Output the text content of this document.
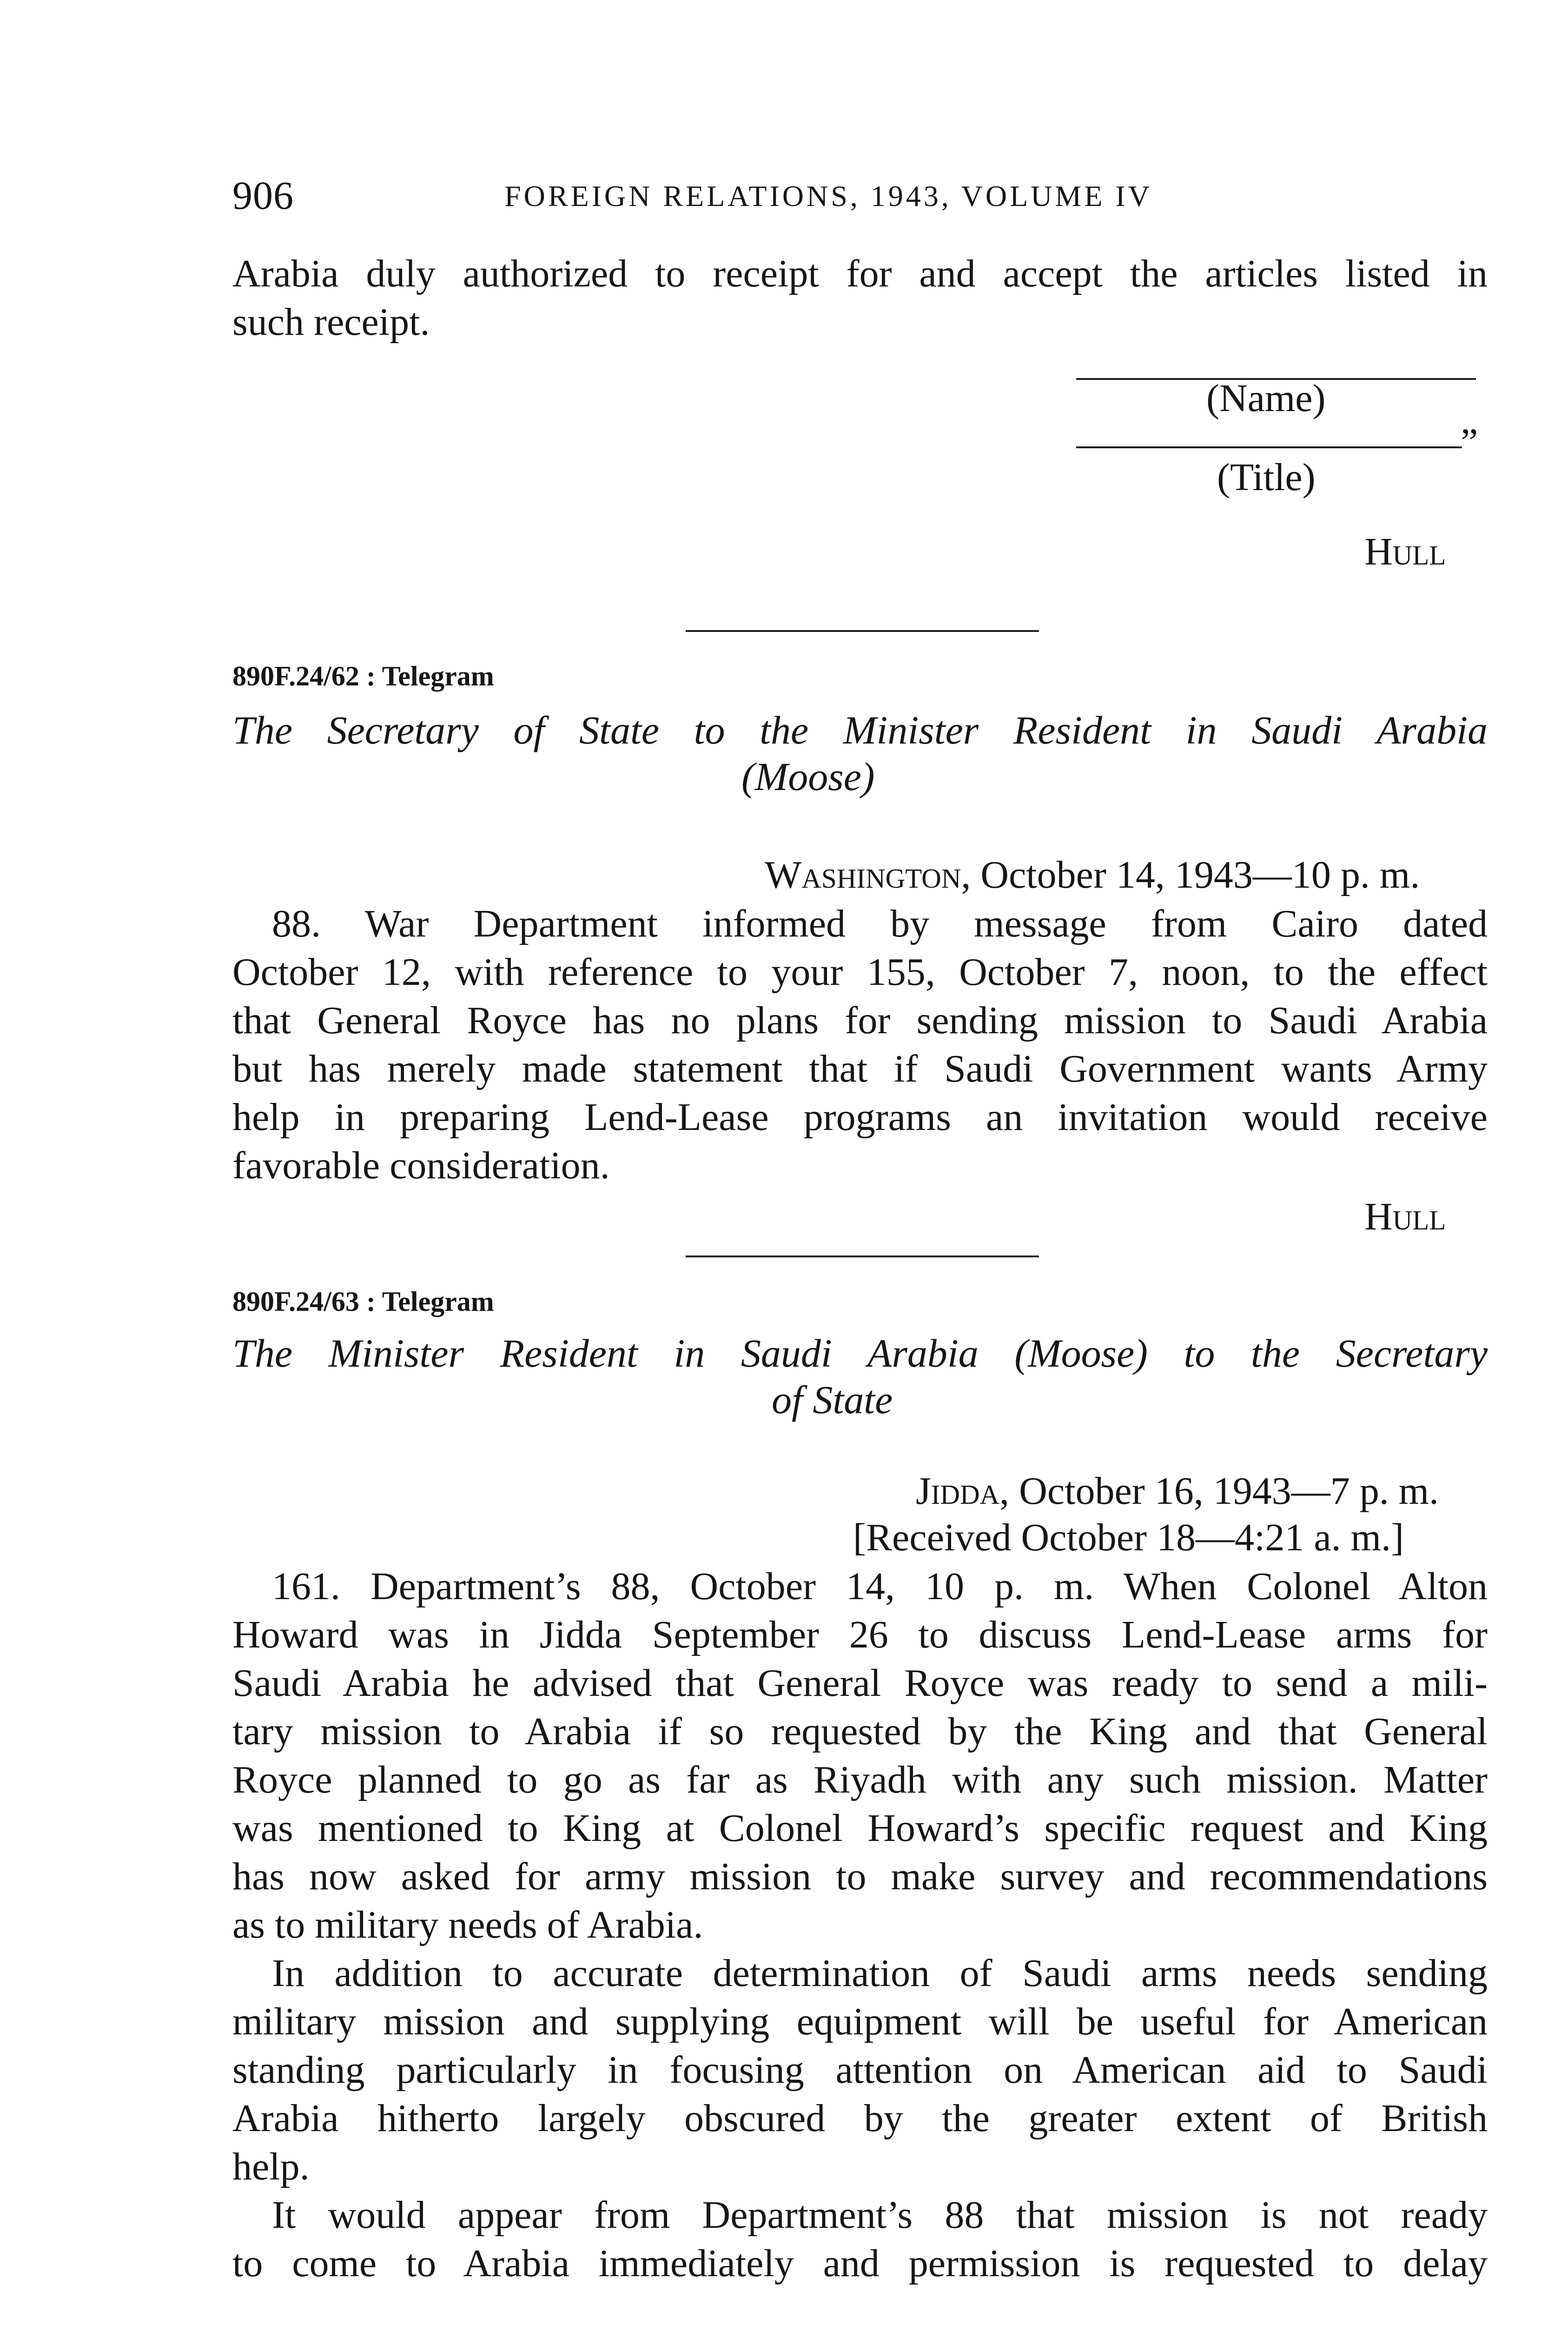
906	FOREIGN RELATIONS, 1943, VOLUME IV
Arabia duly authorized to receipt for and accept the articles listed in
such receipt.
(Name)
”
(Title)
Hull
890F.24/62 : Telegram
The Secretary of State to the Minister Resident in Saudi Arabia
(Moose)
Washington, October 14, 1943—10 p. m.
88. War Department informed by message from Cairo dated
October 12, with reference to your 155, October 7, noon, to the effect
that General Royce has no plans for sending mission to Saudi Arabia
but has merely made statement that if Saudi Government wants Army
help in preparing Lend-Lease programs an invitation would receive
favorable consideration.
Hull
890F.24/63 : Telegram
The Minister Resident in Saudi Arabia (Moose) to the Secretary
of State
Jidda, October 16, 1943—7 p. m.
[Received October 18—4:21 a. m.]
161. Department’s 88, October 14, 10 p. m. When Colonel Alton
Howard was in Jidda September 26 to discuss Lend-Lease arms for
Saudi Arabia he advised that General Royce was ready to send a mili-
tary mission to Arabia if so requested by the King and that General
Royce planned to go as far as Riyadh with any such mission. Matter
was mentioned to King at Colonel Howard’s specific request and King
has now asked for army mission to make survey and recommendations
as to military needs of Arabia.
In addition to accurate determination of Saudi arms needs sending
military mission and supplying equipment will be useful for American
standing particularly in focusing attention on American aid to Saudi
Arabia hitherto largely obscured by the greater extent of British
help.
It would appear from Department’s 88 that mission is not ready
to come to Arabia immediately and permission is requested to delay
